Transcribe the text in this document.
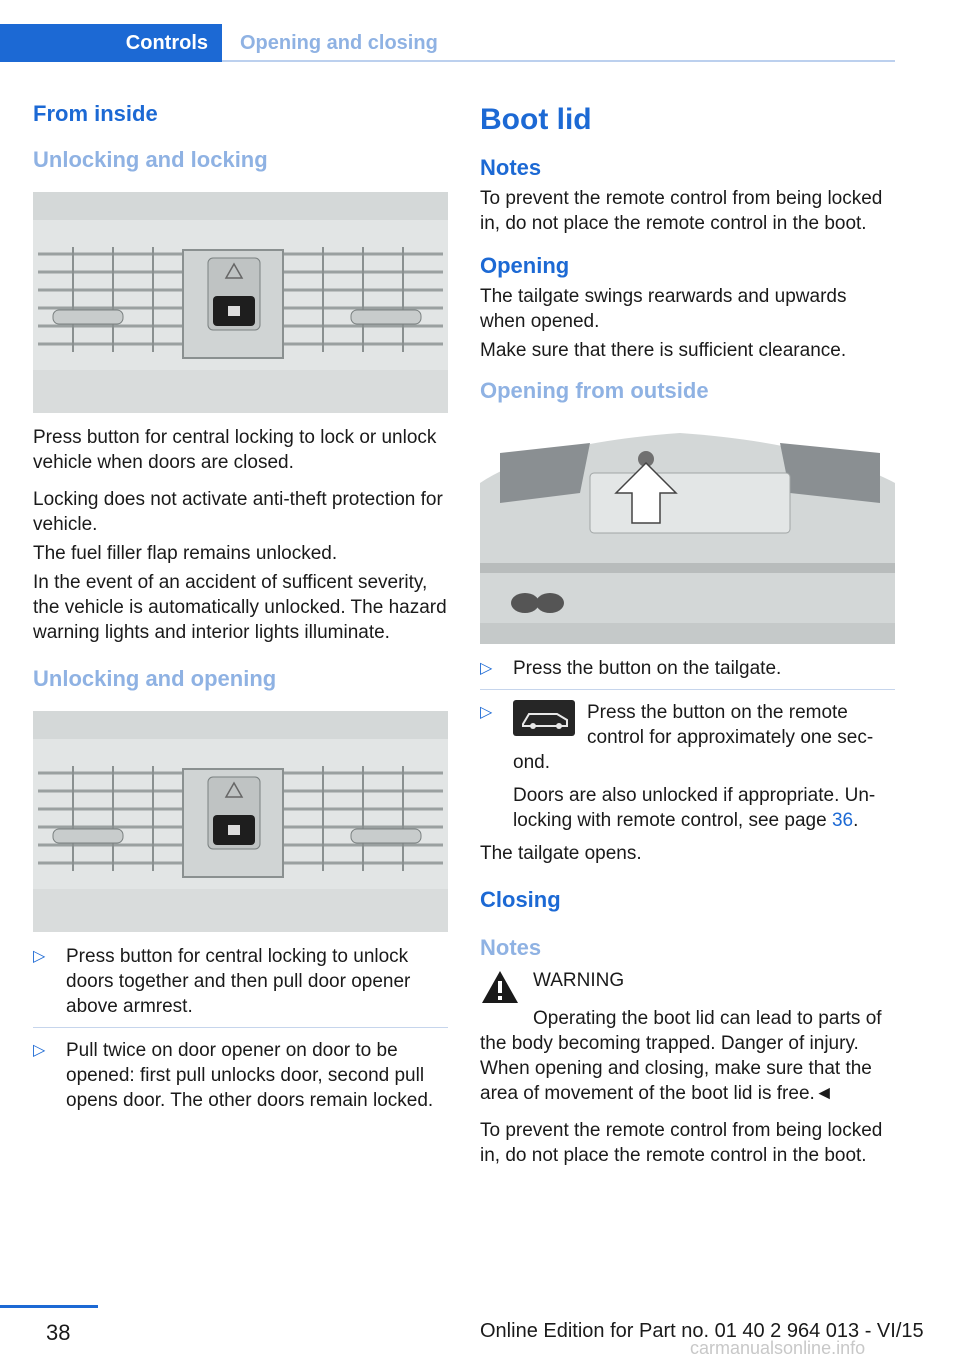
Controls	Opening and closing
From inside
Unlocking and locking

Press button for central locking to lock or unlock vehicle when doors are closed.

Locking does not activate anti‑theft protection for vehicle.

The fuel filler flap remains unlocked.

In the event of an accident of sufficent severity, the vehicle is automatically unlocked. The hazard warning lights and interior lights illuminate.

Unlocking and opening
▷ Press button for central locking to unlock doors together and then pull door opener above armrest.
▷ Pull twice on door opener on door to be opened: first pull unlocks door, second pull opens door. The other doors remain locked.
Boot lid
Notes

To prevent the remote control from being locked in, do not place the remote control in the boot.

Opening

The tailgate swings rearwards and upwards when opened.

Make sure that there is sufficient clearance.

Opening from outside
▷ Press the button on the tailgate.
▷	Press the button on the remote control for approximately one second.
Doors are also unlocked if appropriate. Unlocking with remote control, see page 36.

The tailgate opens.

Closing
Notes

WARNING

Operating the boot lid can lead to parts of the body becoming trapped. Danger of injury. When opening and closing, make sure that the area of movement of the boot lid is free.◄

To prevent the remote control from being locked in, do not place the remote control in the boot.

38	Online Edition for Part no. 01 40 2 964 013 - VI/15
carmanualsonline.info
